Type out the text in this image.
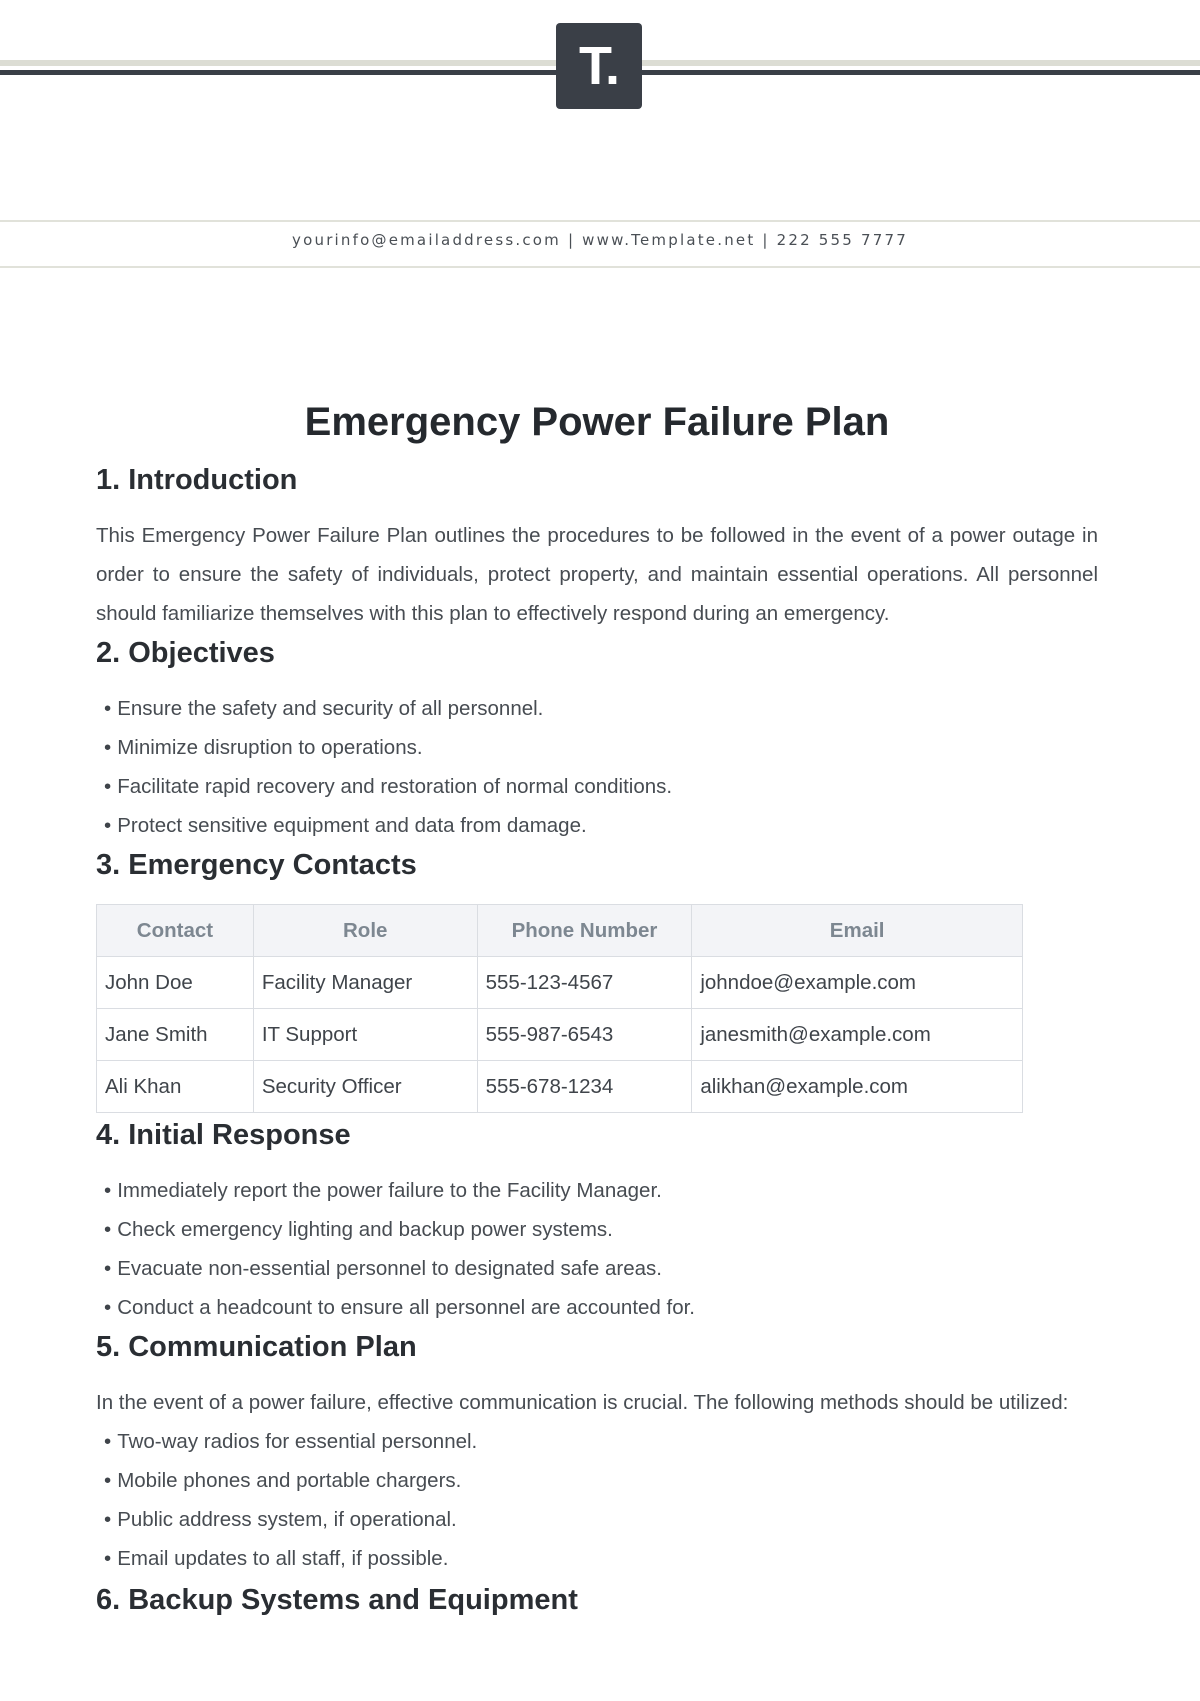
T.
yourinfo@emailaddress.com | www.Template.net | 222 555 7777
Emergency Power Failure Plan
1. Introduction

This Emergency Power Failure Plan outlines the procedures to be followed in the event of a power outage in order to ensure the safety of individuals, protect property, and maintain essential operations. All personnel should familiarize themselves with this plan to effectively respond during an emergency.

2. Objectives
• Ensure the safety and security of all personnel.
• Minimize disruption to operations.
• Facilitate rapid recovery and restoration of normal conditions.
• Protect sensitive equipment and data from damage.
3. Emergency Contacts
Contact	Role	Phone Number	Email
John Doe	Facility Manager	555-123-4567	johndoe@example.com
Jane Smith	IT Support	555-987-6543	janesmith@example.com
Ali Khan	Security Officer	555-678-1234	alikhan@example.com
4. Initial Response
• Immediately report the power failure to the Facility Manager.
• Check emergency lighting and backup power systems.
• Evacuate non-essential personnel to designated safe areas.
• Conduct a headcount to ensure all personnel are accounted for.
5. Communication Plan

In the event of a power failure, effective communication is crucial. The following methods should be utilized:

• Two-way radios for essential personnel.
• Mobile phones and portable chargers.
• Public address system, if operational.
• Email updates to all staff, if possible.
6. Backup Systems and Equipment
